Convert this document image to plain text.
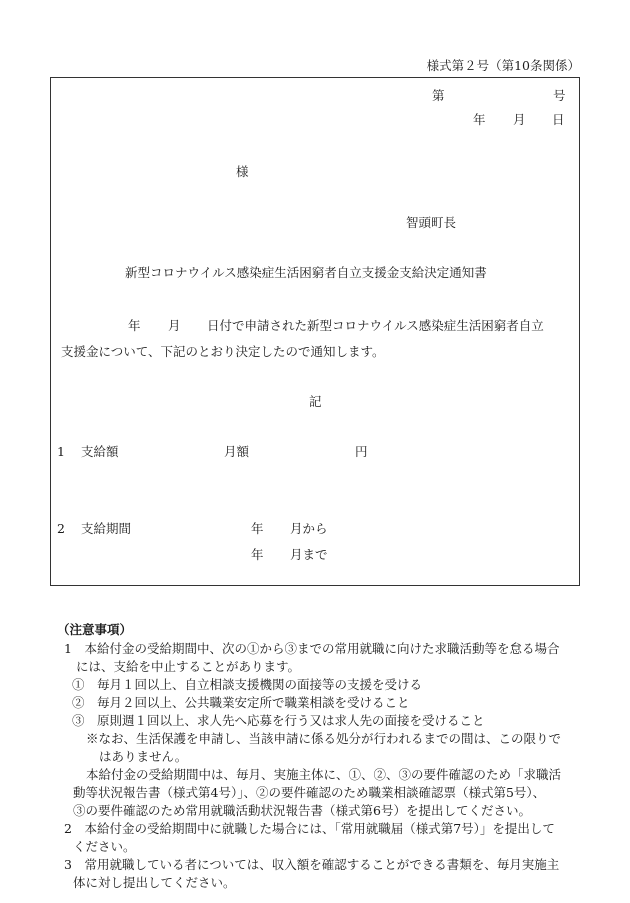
様式第２号（第10条関係）
第	号
年 月 日
様
智頭町長
新型コロナウイルス感染症生活困窮者自立支援金支給決定通知書
年 月 日付で申請された新型コロナウイルス感染症生活困窮者自立
支援金について、下記のとおり決定したので通知します。
記
1 支給額	月額	円
2 支給期間	年 月から
年 月まで
（注意事項）
1　本給付金の受給期間中、次の①から③までの常用就職に向けた求職活動等を怠る場合
には、支給を中止することがあります。
①　毎月１回以上、自立相談支援機関の面接等の支援を受ける
②　毎月２回以上、公共職業安定所で職業相談を受けること
③　原則週１回以上、求人先へ応募を行う又は求人先の面接を受けること
※なお、生活保護を申請し、当該申請に係る処分が行われるまでの間は、この限りで
はありません。
本給付金の受給期間中は、毎月、実施主体に、①、②、③の要件確認のため「求職活
動等状況報告書（様式第4号）」、②の要件確認のため職業相談確認票（様式第5号）、
③の要件確認のため常用就職活動状況報告書（様式第6号）を提出してください。
2　本給付金の受給期間中に就職した場合には、「常用就職届（様式第7号）」を提出して
ください。
3　常用就職している者については、収入額を確認することができる書類を、毎月実施主
体に対し提出してください。
